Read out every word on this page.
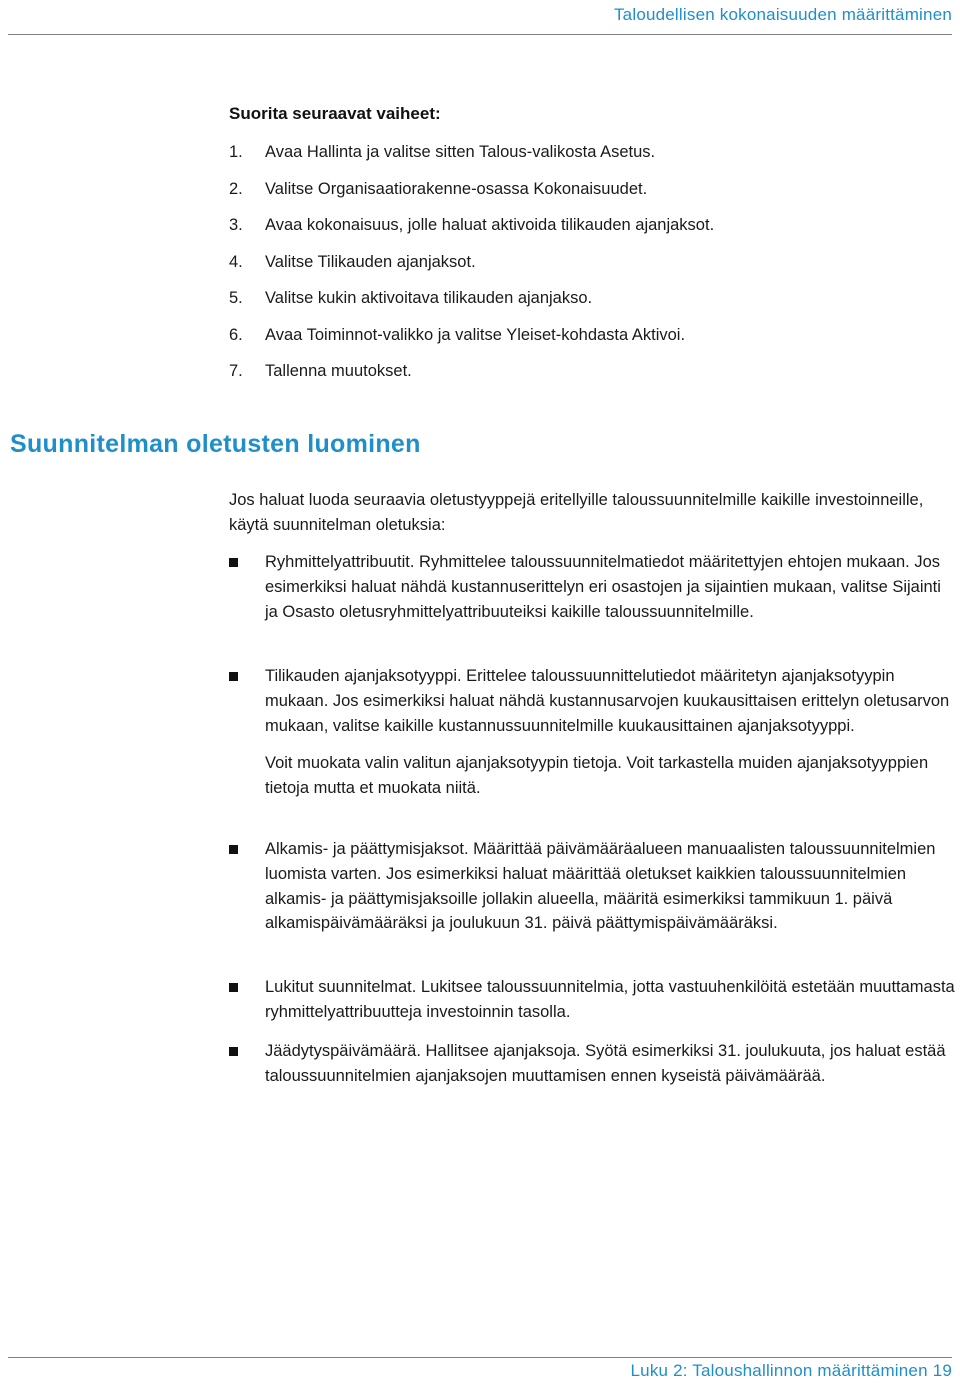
Taloudellisen kokonaisuuden määrittäminen
Suorita seuraavat vaiheet:
1. Avaa Hallinta ja valitse sitten Talous-valikosta Asetus.
2. Valitse Organisaatiorakenne-osassa Kokonaisuudet.
3. Avaa kokonaisuus, jolle haluat aktivoida tilikauden ajanjaksot.
4. Valitse Tilikauden ajanjaksot.
5. Valitse kukin aktivoitava tilikauden ajanjakso.
6. Avaa Toiminnot-valikko ja valitse Yleiset-kohdasta Aktivoi.
7. Tallenna muutokset.
Suunnitelman oletusten luominen

Jos haluat luoda seuraavia oletustyyppejä eritellyille taloussuunnitelmille kaikille investoinneille, käytä suunnitelman oletuksia:

Ryhmittelyattribuutit. Ryhmittelee taloussuunnitelmatiedot määritettyjen ehtojen mukaan. Jos esimerkiksi haluat nähdä kustannuserittelyn eri osastojen ja sijaintien mukaan, valitse Sijainti ja Osasto oletusryhmittelyattribuuteiksi kaikille taloussuunnitelmille.

Tilikauden ajanjaksotyyppi. Erittelee taloussuunnittelutiedot määritetyn ajanjaksotyypin mukaan. Jos esimerkiksi haluat nähdä kustannusarvojen kuukausittaisen erittelyn oletusarvon mukaan, valitse kaikille kustannussuunnitelmille kuukausittainen ajanjaksotyyppi.

Voit muokata valin valitun ajanjaksotyypin tietoja. Voit tarkastella muiden ajanjaksotyyppien tietoja mutta et muokata niitä.

Alkamis- ja päättymisjaksot. Määrittää päivämääräalueen manuaalisten taloussuunnitelmien luomista varten. Jos esimerkiksi haluat määrittää oletukset kaikkien taloussuunnitelmien alkamis- ja päättymisjaksoille jollakin alueella, määritä esimerkiksi tammikuun 1. päivä alkamispäivämääräksi ja joulukuun 31. päivä päättymispäivämääräksi.

Lukitut suunnitelmat. Lukitsee taloussuunnitelmia, jotta vastuuhenkilöitä estetään muuttamasta ryhmittelyattribuutteja investoinnin tasolla.

Jäädytyspäivämäärä. Hallitsee ajanjaksoja. Syötä esimerkiksi 31. joulukuuta, jos haluat estää taloussuunnitelmien ajanjaksojen muuttamisen ennen kyseistä päivämäärää.

Luku 2: Taloushallinnon määrittäminen 19
